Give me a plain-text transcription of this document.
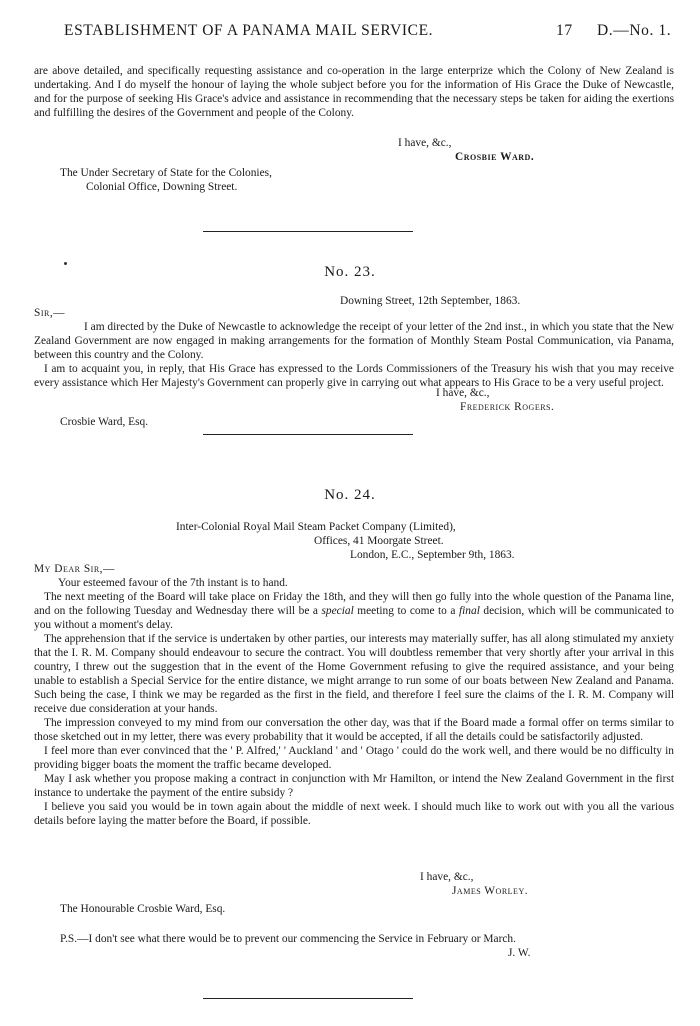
ESTABLISHMENT OF A PANAMA MAIL SERVICE.	17 D.—No. 1.

are above detailed, and specifically requesting assistance and co-operation in the large enterprize which the Colony of New Zealand is undertaking. And I do myself the honour of laying the whole subject before you for the information of His Grace the Duke of Newcastle, and for the purpose of seeking His Grace's advice and assistance in recommending that the necessary steps be taken for aiding the exertions and fulfilling the desires of the Government and people of the Colony.

I have, &c.,
Crosbie Ward.
The Under Secretary of State for the Colonies,
Colonial Office, Downing Street.
No. 23.
Downing Street, 12th September, 1863.
Sir,—

I am directed by the Duke of Newcastle to acknowledge the receipt of your letter of the 2nd inst., in which you state that the New Zealand Government are now engaged in making arrangements for the formation of Monthly Steam Postal Communication, via Panama, between this country and the Colony.

I am to acquaint you, in reply, that His Grace has expressed to the Lords Commissioners of the Treasury his wish that you may receive every assistance which Her Majesty's Government can properly give in carrying out what appears to His Grace to be a very useful project.

I have, &c.,
Frederick Rogers.
Crosbie Ward, Esq.
No. 24.
Inter-Colonial Royal Mail Steam Packet Company (Limited),
Offices, 41 Moorgate Street.
London, E.C., September 9th, 1863.
My Dear Sir,—

Your esteemed favour of the 7th instant is to hand.

The next meeting of the Board will take place on Friday the 18th, and they will then go fully into the whole question of the Panama line, and on the following Tuesday and Wednesday there will be a special meeting to come to a final decision, which will be communicated to you without a moment's delay.

The apprehension that if the service is undertaken by other parties, our interests may materially suffer, has all along stimulated my anxiety that the I. R. M. Company should endeavour to secure the contract. You will doubtless remember that very shortly after your arrival in this country, I threw out the suggestion that in the event of the Home Government refusing to give the required assistance, and your being unable to establish a Special Service for the entire distance, we might arrange to run some of our boats between New Zealand and Panama. Such being the case, I think we may be regarded as the first in the field, and therefore I feel sure the claims of the I. R. M. Company will receive due consideration at your hands.

The impression conveyed to my mind from our conversation the other day, was that if the Board made a formal offer on terms similar to those sketched out in my letter, there was every probability that it would be accepted, if all the details could be satisfactorily adjusted.

I feel more than ever convinced that the ' P. Alfred,' ' Auckland ' and ' Otago ' could do the work well, and there would be no difficulty in providing bigger boats the moment the traffic became developed.

May I ask whether you propose making a contract in conjunction with Mr Hamilton, or intend the New Zealand Government in the first instance to undertake the payment of the entire subsidy ?

I believe you said you would be in town again about the middle of next week. I should much like to work out with you all the various details before laying the matter before the Board, if possible.

I have, &c.,
James Worley.
The Honourable Crosbie Ward, Esq.

P.S.—I don't see what there would be to prevent our commencing the Service in February or March.

J. W.
